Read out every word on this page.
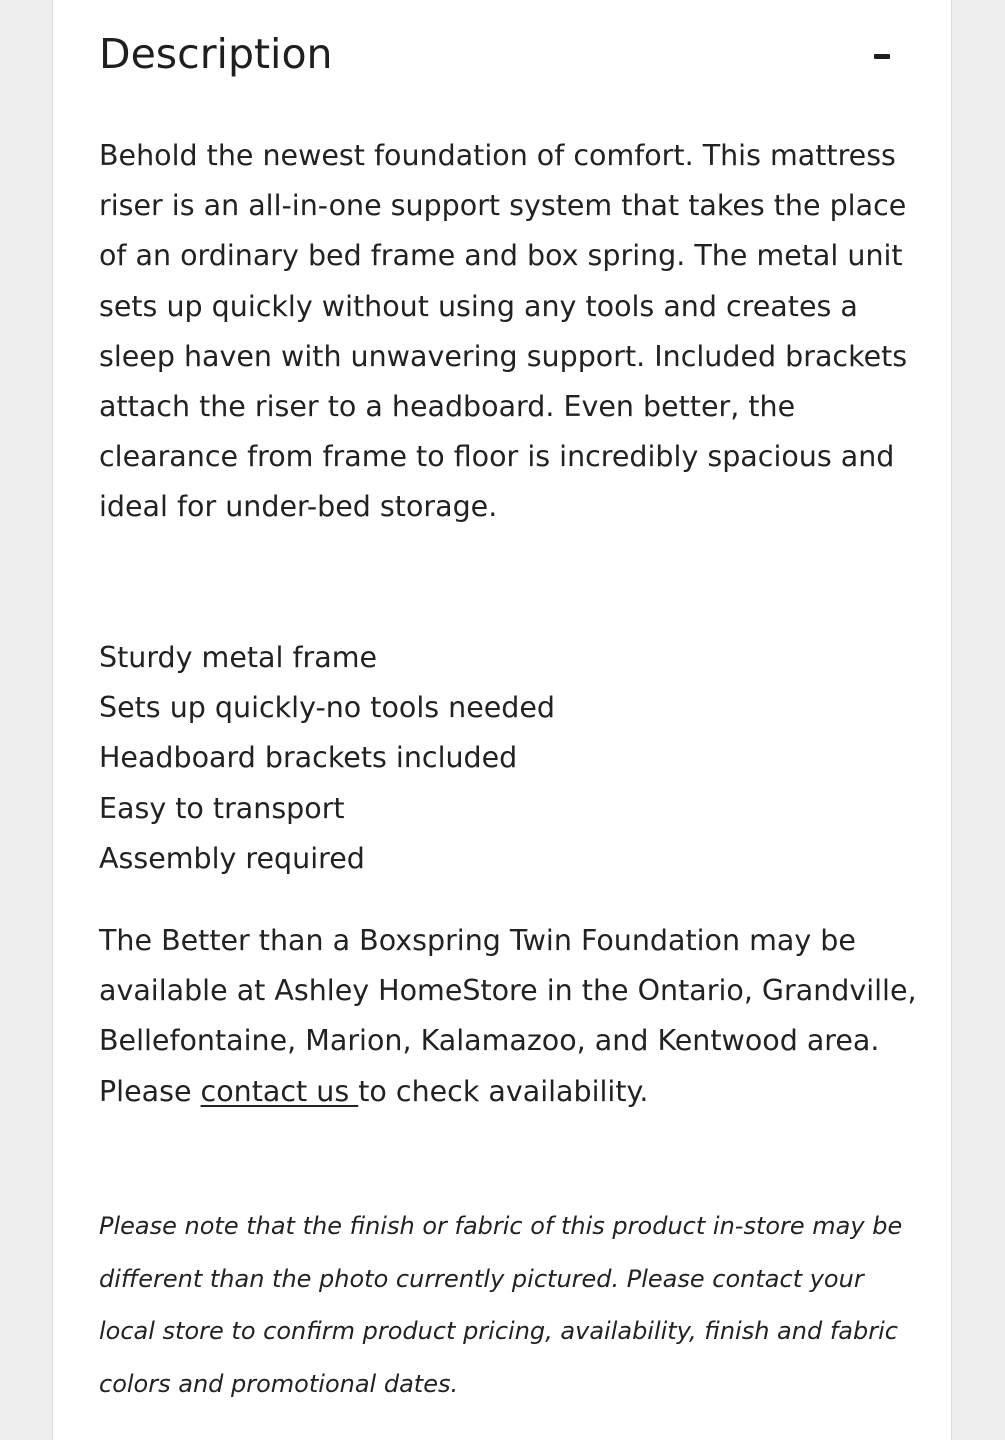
Description

Behold the newest foundation of comfort. This mattress riser is an all-in-one support system that takes the place of an ordinary bed frame and box spring. The metal unit sets up quickly without using any tools and creates a sleep haven with unwavering support. Included brackets attach the riser to a headboard. Even better, the clearance from frame to floor is incredibly spacious and ideal for under-bed storage.

Sturdy metal frame
Sets up quickly-no tools needed
Headboard brackets included
Easy to transport
Assembly required

The Better than a Boxspring Twin Foundation may be available at Ashley HomeStore in the Ontario, Grandville, Bellefontaine, Marion, Kalamazoo, and Kentwood area. Please contact us to check availability.

Please note that the finish or fabric of this product in-store may be different than the photo currently pictured. Please contact your local store to confirm product pricing, availability, finish and fabric colors and promotional dates.
